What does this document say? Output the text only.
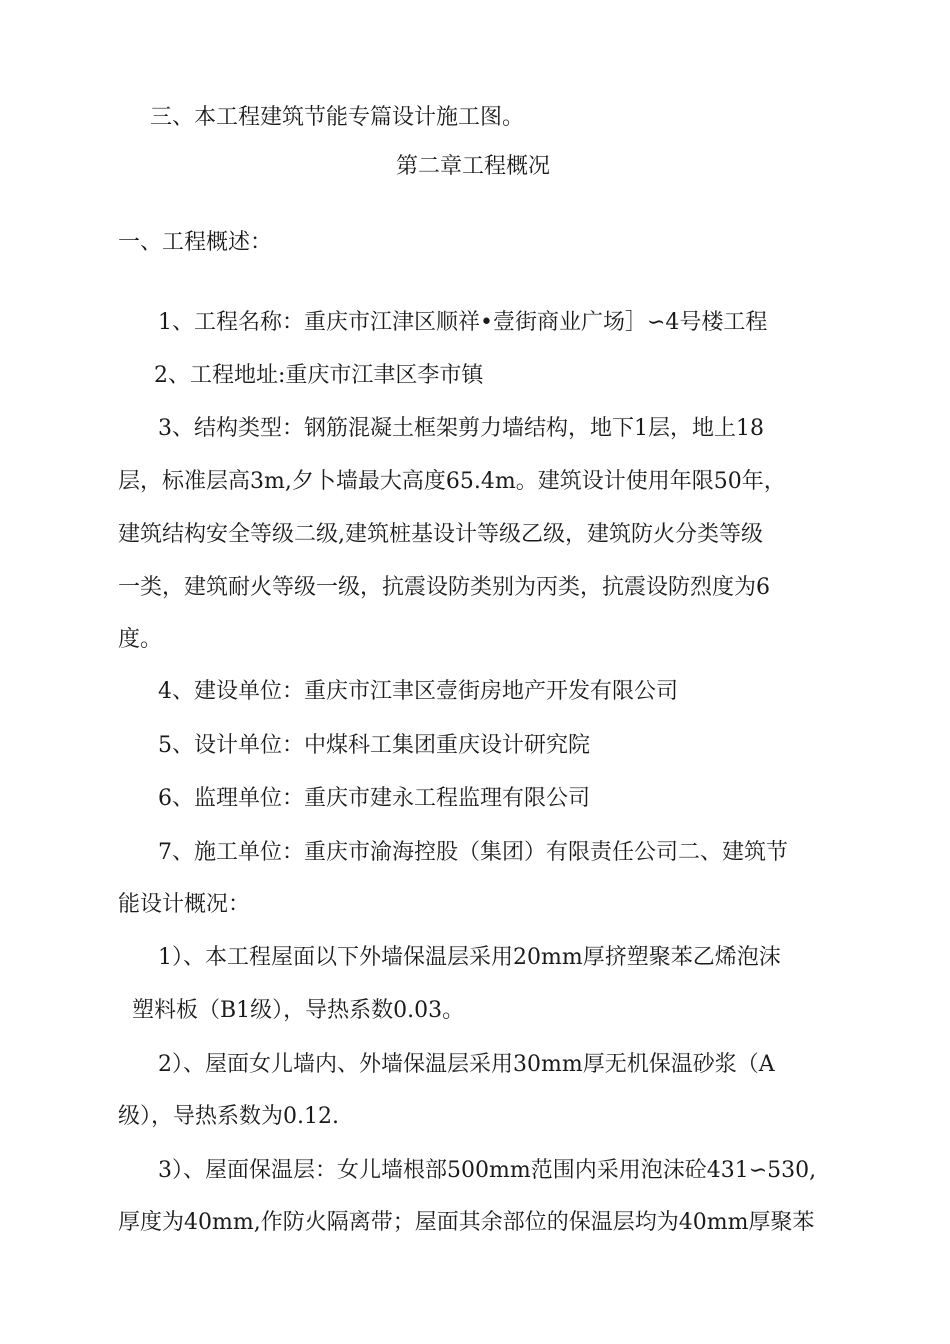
三、本工程建筑节能专篇设计施工图。
第二章工程概况
一、工程概述：
1、工程名称：重庆市江津区顺祥•壹街商业广场］∽4号楼工程
2、工程地址:重庆市江聿区李市镇
3、结构类型：钢筋混凝土框架剪力墙结构，地下1层，地上18
层，标准层高3m,夕卜墙最大高度65.4m。建筑设计使用年限50年，
建筑结构安全等级二级,建筑桩基设计等级乙级，建筑防火分类等级
一类，建筑耐火等级一级，抗震设防类别为丙类，抗震设防烈度为6
度。
4、建设单位：重庆市江聿区壹街房地产开发有限公司
5、设计单位：中煤科工集团重庆设计研究院
6、监理单位：重庆市建永工程监理有限公司
7、施工单位：重庆市渝海控股（集团）有限责任公司二、建筑节
能设计概况：
1）、本工程屋面以下外墙保温层采用20mm厚挤塑聚苯乙烯泡沫
塑料板（B1级），导热系数0.03。
2）、屋面女儿墙内、外墙保温层采用30mm厚无机保温砂浆（A
级），导热系数为0.12.
3）、屋面保温层：女儿墙根部500mm范围内采用泡沫砼431∽530,
厚度为40mm,作防火隔离带；屋面其余部位的保温层均为40mm厚聚苯
